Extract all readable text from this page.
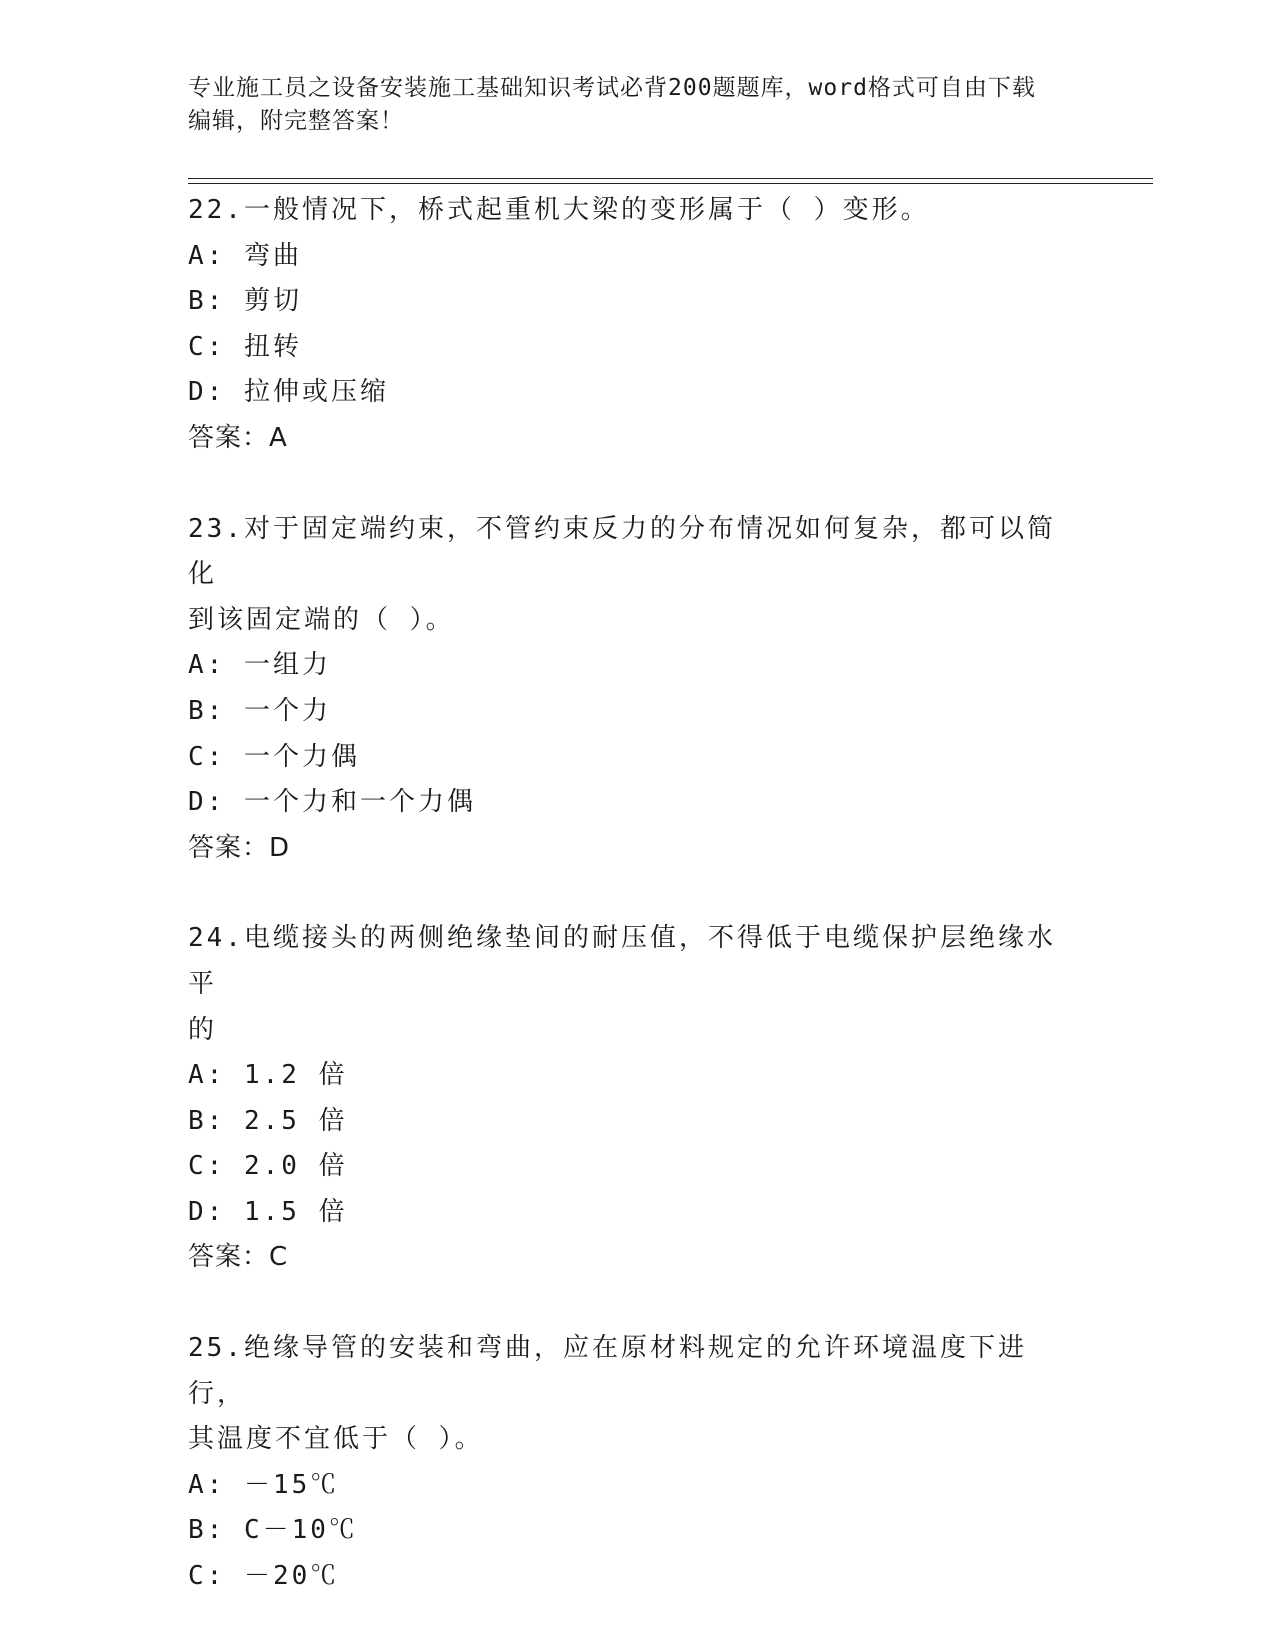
专业施工员之设备安装施工基础知识考试必背200题题库，word格式可自由下载
编辑，附完整答案！
22.一般情况下，桥式起重机大梁的变形属于（ ）变形。
A: 弯曲
B: 剪切
C: 扭转
D: 拉伸或压缩
答案：A
23.对于固定端约束，不管约束反力的分布情况如何复杂，都可以简化
到该固定端的（ ）。
A: 一组力
B: 一个力
C: 一个力偶
D: 一个力和一个力偶
答案：D
24.电缆接头的两侧绝缘垫间的耐压值，不得低于电缆保护层绝缘水平
的
A: 1.2 倍
B: 2.5 倍
C: 2.0 倍
D: 1.5 倍
答案：C
25.绝缘导管的安装和弯曲，应在原材料规定的允许环境温度下进行，
其温度不宜低于（ ）。
A: －15℃
B: C－10℃
C: －20℃
